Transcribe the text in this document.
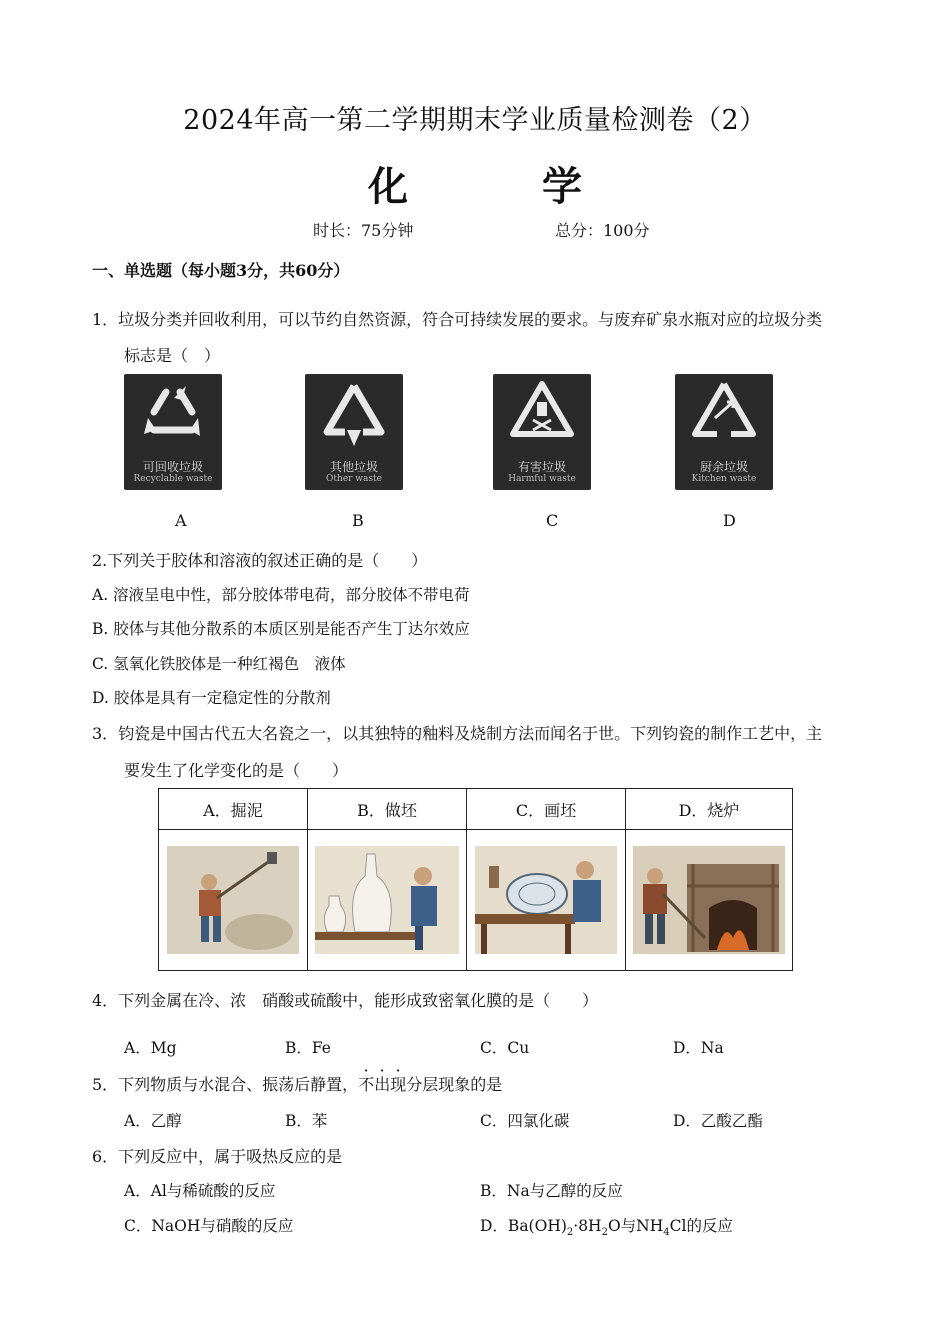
2024年高一第二学期期末学业质量检测卷（2）
化 学
时长：75分钟	总分：100分
一、单选题（每小题3分，共60分）
1．垃圾分类并回收利用，可以节约自然资源，符合可持续发展的要求。与废弃矿泉水瓶对应的垃圾分类
标志是（　）
可回收垃圾
Recyclable waste
其他垃圾
Other waste
有害垃圾
Harmful waste
厨余垃圾
Kitchen waste
A	B	C	D
2.下列关于胶体和溶液的叙述正确的是（　　）
A. 溶液呈电中性，部分胶体带电荷，部分胶体不带电荷
B. 胶体与其他分散系的本质区别是能否产生丁达尔效应
C. 氢氧化铁胶体是一种红褐色　液体
D. 胶体是具有一定稳定性的分散剂
3．钧瓷是中国古代五大名瓷之一，以其独特的釉料及烧制方法而闻名于世。下列钧瓷的制作工艺中，主
要发生了化学变化的是（　　）
A．掘泥	B．做坯	C．画坯	D．烧炉

4．下列金属在冷、浓　硝酸或硫酸中，能形成致密氧化膜的是（　　）
A．Mg	B．Fe	C．Cu	D．Na
5．下列物质与水混合、振荡后静置，不出现分层现象的是
A．乙醇	B．苯	C．四氯化碳	D．乙酸乙酯
6．下列反应中，属于吸热反应的是
A．Al与稀硫酸的反应	B．Na与乙醇的反应
C．NaOH与硝酸的反应	D．$Ba(OH)_2\cdot 8H_2O$与$NH_4Cl$的反应
